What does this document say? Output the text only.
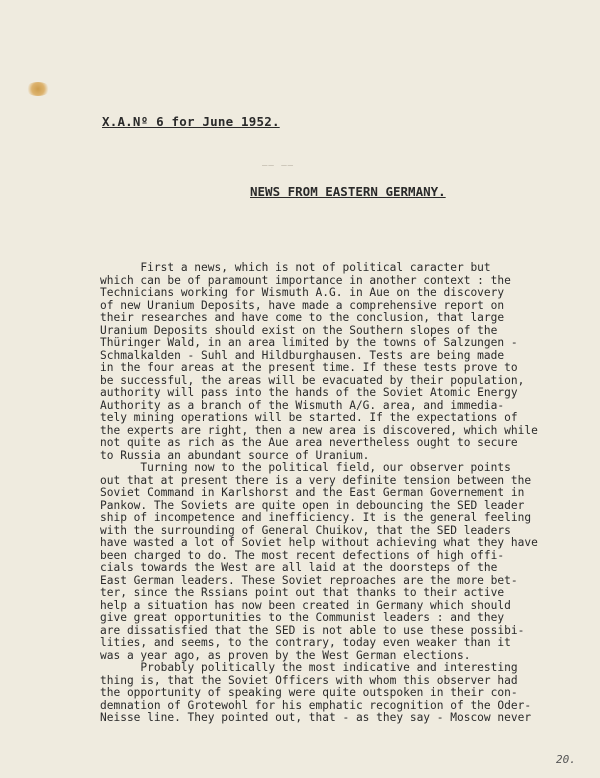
X.A.Nº 6 for June 1952.
—— ——
NEWS FROM EASTERN GERMANY.
First a news, which is not of political caracter but
which can be of paramount importance in another context : the
Technicians working for Wismuth A.G. in Aue on the discovery
of new Uranium Deposits, have made a comprehensive report on
their researches and have come to the conclusion, that large
Uranium Deposits should exist on the Southern slopes of the
Thüringer Wald, in an area limited by the towns of Salzungen -
Schmalkalden - Suhl and Hildburghausen. Tests are being made
in the four areas at the present time. If these tests prove to
be successful, the areas will be evacuated by their population,
authority will pass into the hands of the Soviet Atomic Energy
Authority as a branch of the Wismuth A/G. area, and immedia-
tely mining operations will be started. If the expectations of
the experts are right, then a new area is discovered, which while
not quite as rich as the Aue area nevertheless ought to secure
to Russia an abundant source of Uranium.
Turning now to the political field, our observer points
out that at present there is a very definite tension between the
Soviet Command in Karlshorst and the East German Governement in
Pankow. The Soviets are quite open in debouncing the SED leader
ship of incompetence and inefficiency. It is the general feeling
with the surrounding of General Chuikov, that the SED leaders
have wasted a lot of Soviet help without achieving what they have
been charged to do. The most recent defections of high offi-
cials towards the West are all laid at the doorsteps of the
East German leaders. These Soviet reproaches are the more bet-
ter, since the Rssians point out that thanks to their active
help a situation has now been created in Germany which should
give great opportunities to the Communist leaders : and they
are dissatisfied that the SED is not able to use these possibi-
lities, and seems, to the contrary, today even weaker than it
was a year ago, as proven by the West German elections.
Probably politically the most indicative and interesting
thing is, that the Soviet Officers with whom this observer had
the opportunity of speaking were quite outspoken in their con-
demnation of Grotewohl for his emphatic recognition of the Oder-
Neisse line. They pointed out, that - as they say - Moscow never
20.
